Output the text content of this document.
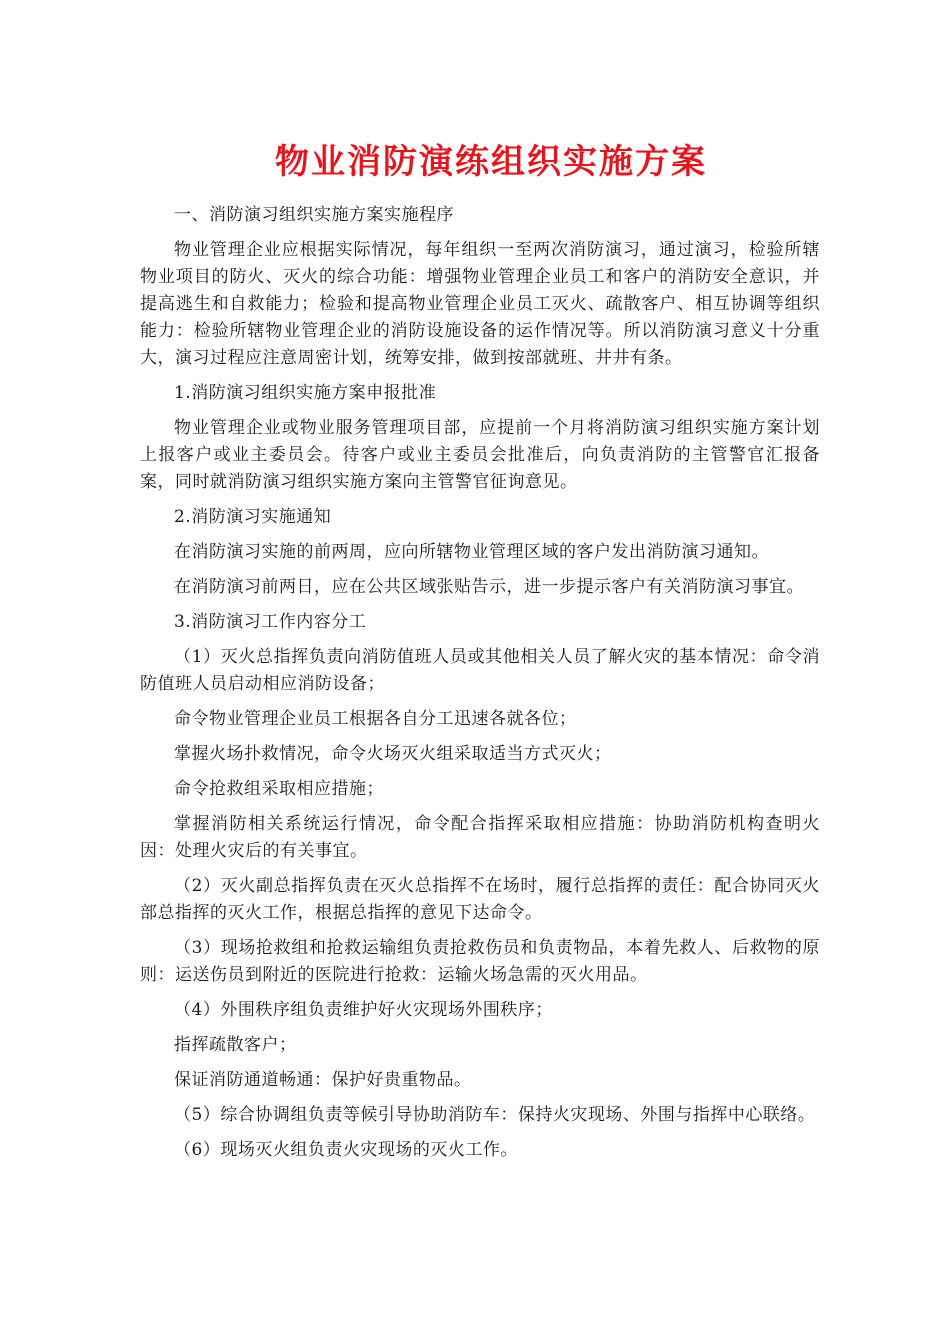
物业消防演练组织实施方案

一、消防演习组织实施方案实施程序

物业管理企业应根据实际情况，每年组织一至两次消防演习，通过演习，检验所辖物业项目的防火、灭火的综合功能：增强物业管理企业员工和客户的消防安全意识，并提高逃生和自救能力；检验和提高物业管理企业员工灭火、疏散客户、相互协调等组织能力：检验所辖物业管理企业的消防设施设备的运作情况等。所以消防演习意义十分重大，演习过程应注意周密计划，统筹安排，做到按部就班、井井有条。

1.消防演习组织实施方案申报批准

物业管理企业或物业服务管理项目部，应提前一个月将消防演习组织实施方案计划上报客户或业主委员会。待客户或业主委员会批准后，向负责消防的主管警官汇报备案，同时就消防演习组织实施方案向主管警官征询意见。

2.消防演习实施通知

在消防演习实施的前两周，应向所辖物业管理区域的客户发出消防演习通知。

在消防演习前两日，应在公共区域张贴告示，进一步提示客户有关消防演习事宜。

3.消防演习工作内容分工

（1）灭火总指挥负责向消防值班人员或其他相关人员了解火灾的基本情况：命令消防值班人员启动相应消防设备；

命令物业管理企业员工根据各自分工迅速各就各位；

掌握火场扑救情况，命令火场灭火组采取适当方式灭火；

命令抢救组采取相应措施；

掌握消防相关系统运行情况，命令配合指挥采取相应措施：协助消防机构查明火因：处理火灾后的有关事宜。

（2）灭火副总指挥负责在灭火总指挥不在场时，履行总指挥的责任：配合协同灭火部总指挥的灭火工作，根据总指挥的意见下达命令。

（3）现场抢救组和抢救运输组负责抢救伤员和负责物品，本着先救人、后救物的原则：运送伤员到附近的医院进行抢救：运输火场急需的灭火用品。

（4）外围秩序组负责维护好火灾现场外围秩序；

指挥疏散客户；

保证消防通道畅通：保护好贵重物品。

（5）综合协调组负责等候引导协助消防车：保持火灾现场、外围与指挥中心联络。

（6）现场灭火组负责火灾现场的灭火工作。
